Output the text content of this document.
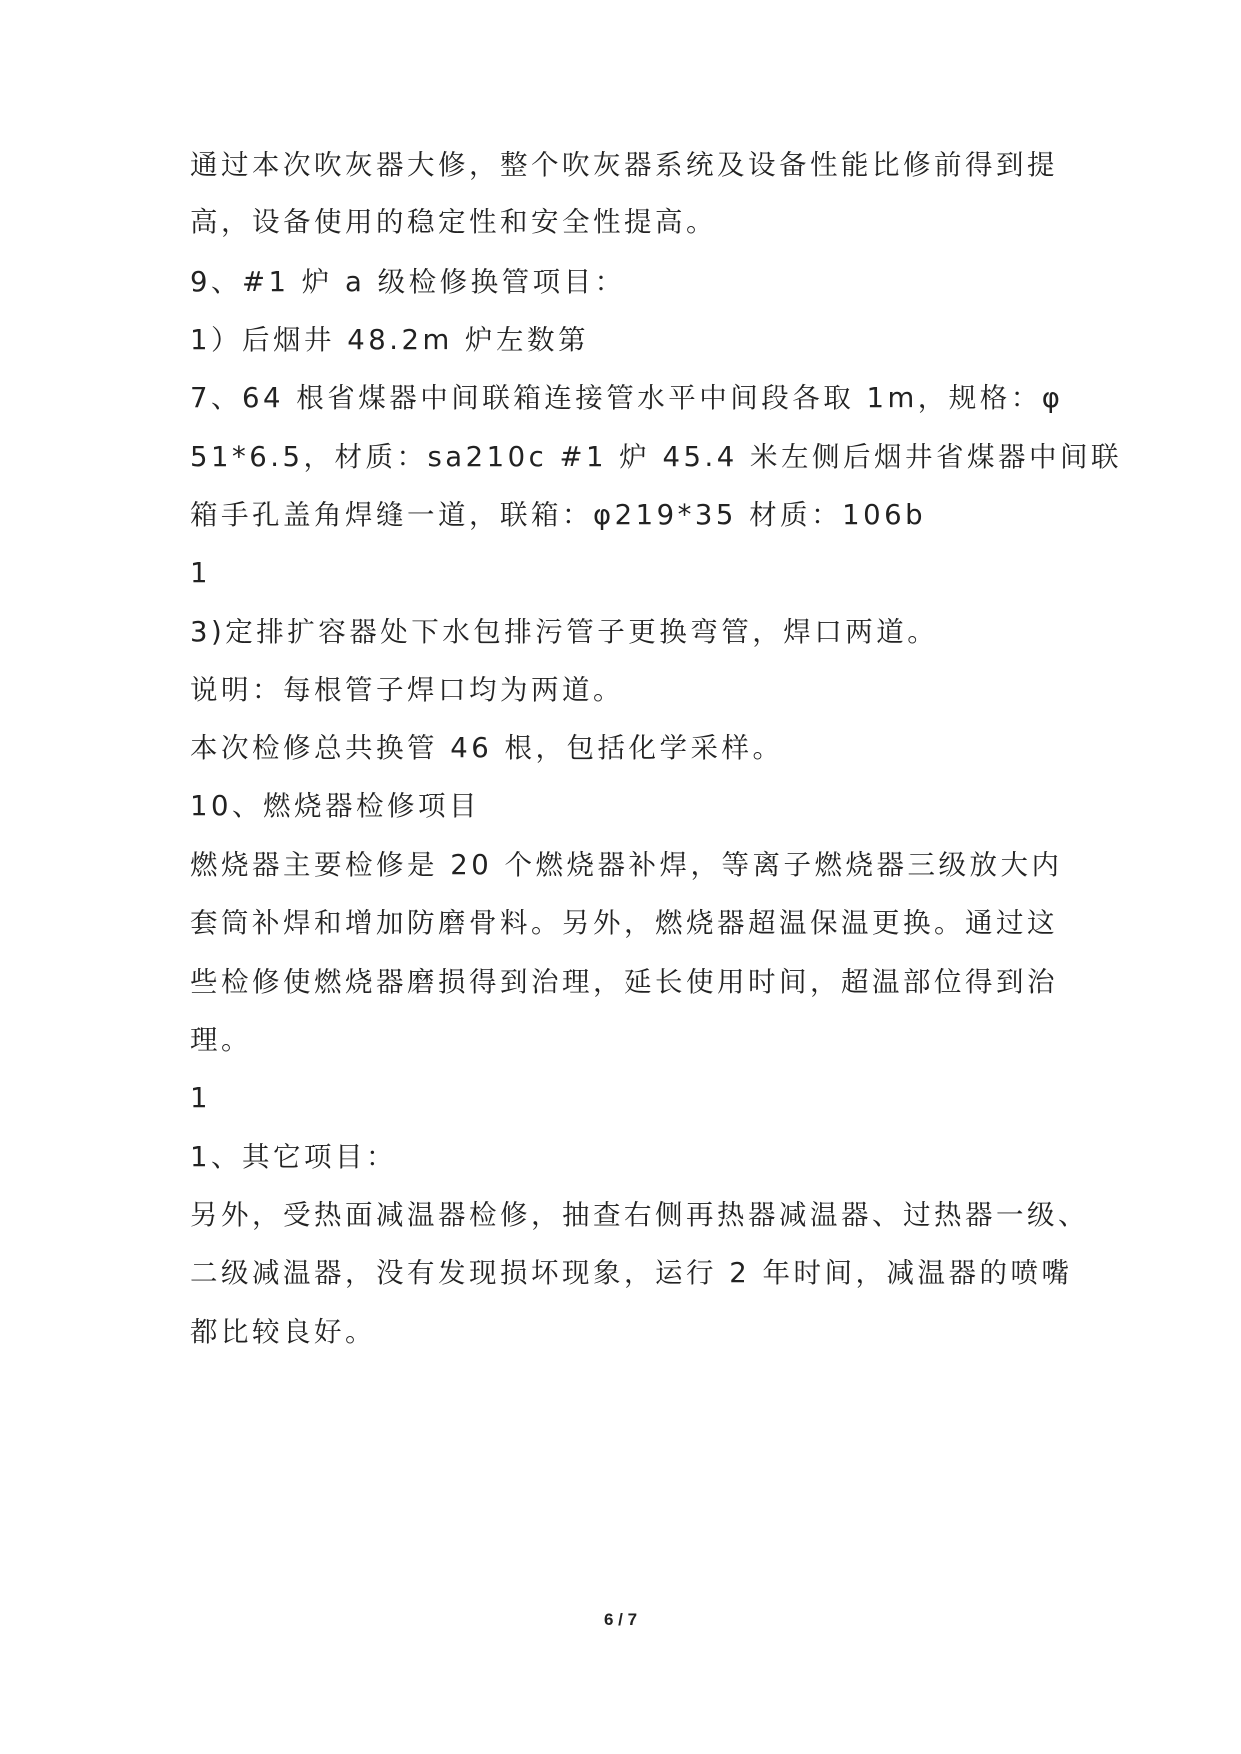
通过本次吹灰器大修，整个吹灰器系统及设备性能比修前得到提
高，设备使用的稳定性和安全性提高。
9、#1 炉 a 级检修换管项目：
1）后烟井 48.2m 炉左数第
7、64 根省煤器中间联箱连接管水平中间段各取 1m，规格：φ
51*6.5，材质：sa210c #1 炉 45.4 米左侧后烟井省煤器中间联
箱手孔盖角焊缝一道，联箱：φ219*35 材质：106b
1
3)定排扩容器处下水包排污管子更换弯管，焊口两道。
说明：每根管子焊口均为两道。
本次检修总共换管 46 根，包括化学采样。
10、燃烧器检修项目
燃烧器主要检修是 20 个燃烧器补焊，等离子燃烧器三级放大内
套筒补焊和增加防磨骨料。另外，燃烧器超温保温更换。通过这
些检修使燃烧器磨损得到治理，延长使用时间，超温部位得到治
理。
1
1、其它项目：
另外，受热面减温器检修，抽查右侧再热器减温器、过热器一级、
二级减温器，没有发现损坏现象，运行 2 年时间，减温器的喷嘴
都比较良好。
6 / 7
